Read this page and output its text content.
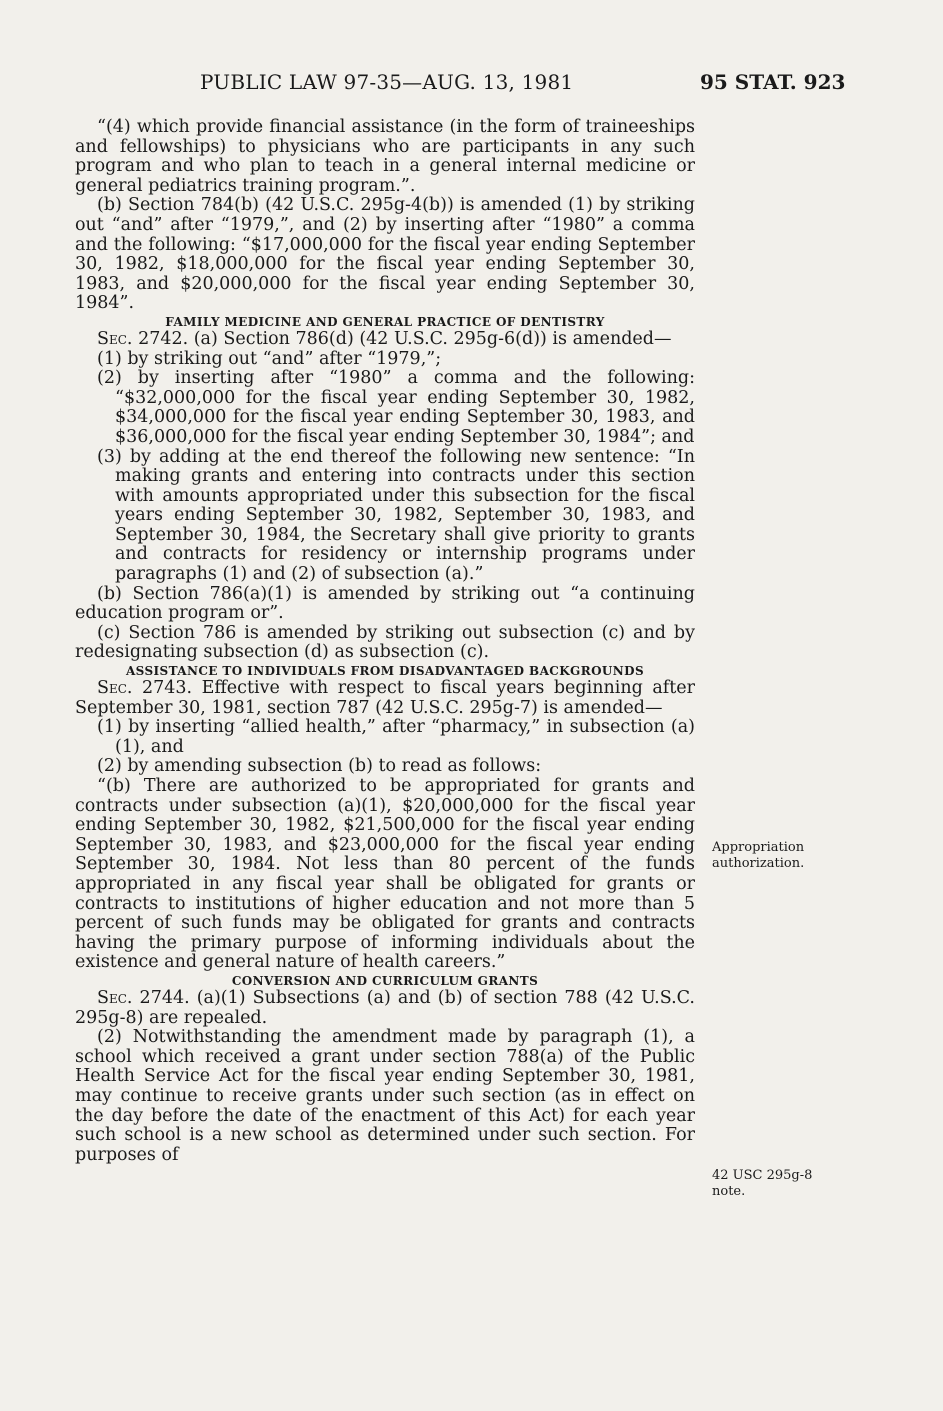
PUBLIC LAW 97-35—AUG. 13, 1981	95 STAT. 923

“(4) which provide financial assistance (in the form of traineeships and fellowships) to physicians who are participants in any such program and who plan to teach in a general internal medicine or general pediatrics training program.”.

(b) Section 784(b) (42 U.S.C. 295g-4(b)) is amended (1) by striking out “and” after “1979,”, and (2) by inserting after “1980” a comma and the following: “$17,000,000 for the fiscal year ending September 30, 1982, $18,000,000 for the fiscal year ending September 30, 1983, and $20,000,000 for the fiscal year ending September 30, 1984”.

FAMILY MEDICINE AND GENERAL PRACTICE OF DENTISTRY

Sec. 2742. (a) Section 786(d) (42 U.S.C. 295g-6(d)) is amended—

(1) by striking out “and” after “1979,”;

(2) by inserting after “1980” a comma and the following: “$32,000,000 for the fiscal year ending September 30, 1982, $34,000,000 for the fiscal year ending September 30, 1983, and $36,000,000 for the fiscal year ending September 30, 1984”; and

(3) by adding at the end thereof the following new sentence: “In making grants and entering into contracts under this section with amounts appropriated under this subsection for the fiscal years ending September 30, 1982, September 30, 1983, and September 30, 1984, the Secretary shall give priority to grants and contracts for residency or internship programs under paragraphs (1) and (2) of subsection (a).”

(b) Section 786(a)(1) is amended by striking out “a continuing education program or”.

(c) Section 786 is amended by striking out subsection (c) and by redesignating subsection (d) as subsection (c).

ASSISTANCE TO INDIVIDUALS FROM DISADVANTAGED BACKGROUNDS

Sec. 2743. Effective with respect to fiscal years beginning after September 30, 1981, section 787 (42 U.S.C. 295g-7) is amended—

(1) by inserting “allied health,” after “pharmacy,” in subsection (a)(1), and

(2) by amending subsection (b) to read as follows:

“(b) There are authorized to be appropriated for grants and contracts under subsection (a)(1), $20,000,000 for the fiscal year ending September 30, 1982, $21,500,000 for the fiscal year ending September 30, 1983, and $23,000,000 for the fiscal year ending September 30, 1984. Not less than 80 percent of the funds appropriated in any fiscal year shall be obligated for grants or contracts to institutions of higher education and not more than 5 percent of such funds may be obligated for grants and contracts having the primary purpose of informing individuals about the existence and general nature of health careers.”

CONVERSION AND CURRICULUM GRANTS

Sec. 2744. (a)(1) Subsections (a) and (b) of section 788 (42 U.S.C. 295g-8) are repealed.

(2) Notwithstanding the amendment made by paragraph (1), a school which received a grant under section 788(a) of the Public Health Service Act for the fiscal year ending September 30, 1981, may continue to receive grants under such section (as in effect on the day before the date of the enactment of this Act) for each year such school is a new school as determined under such section. For purposes of

Appropriation authorization.
42 USC 295g-8 note.
